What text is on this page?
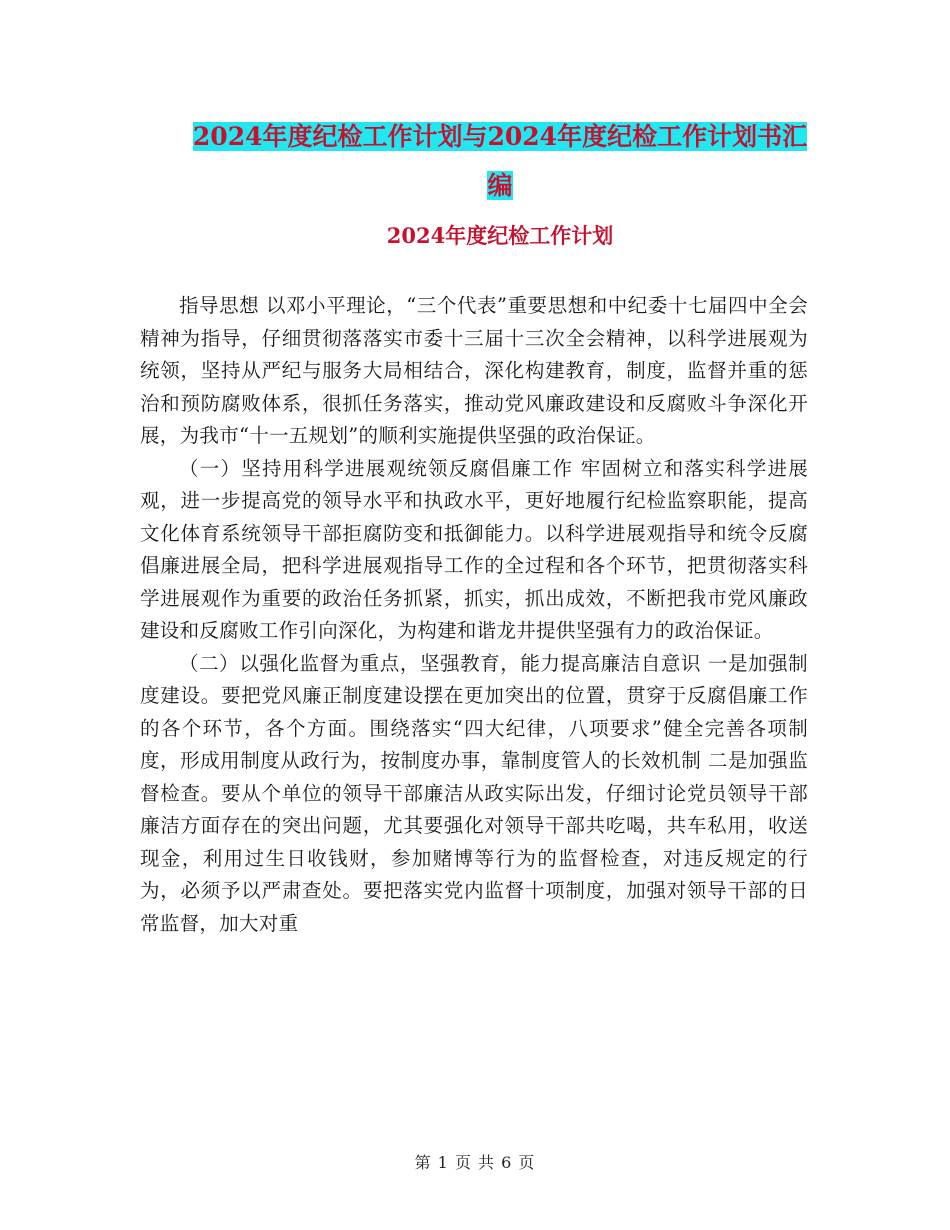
2024年度纪检工作计划与2024年度纪检工作计划书汇
编
2024年度纪检工作计划

指导思想 以邓小平理论，“三个代表”重要思想和中纪委十七届四中全会精神为指导，仔细贯彻落落实市委十三届十三次全会精神，以科学进展观为统领，坚持从严纪与服务大局相结合，深化构建教育，制度，监督并重的惩治和预防腐败体系，很抓任务落实，推动党风廉政建设和反腐败斗争深化开展，为我市“十一五规划”的顺利实施提供坚强的政治保证。

（一）坚持用科学进展观统领反腐倡廉工作 牢固树立和落实科学进展观，进一步提高党的领导水平和执政水平，更好地履行纪检监察职能，提高文化体育系统领导干部拒腐防变和抵御能力。以科学进展观指导和统令反腐倡廉进展全局，把科学进展观指导工作的全过程和各个环节，把贯彻落实科学进展观作为重要的政治任务抓紧，抓实，抓出成效，不断把我市党风廉政建设和反腐败工作引向深化，为构建和谐龙井提供坚强有力的政治保证。

（二）以强化监督为重点，坚强教育，能力提高廉洁自意识 一是加强制度建设。要把党风廉正制度建设摆在更加突出的位置，贯穿于反腐倡廉工作的各个环节，各个方面。围绕落实“四大纪律，八项要求”健全完善各项制度，形成用制度从政行为，按制度办事，靠制度管人的长效机制 二是加强监督检查。要从个单位的领导干部廉洁从政实际出发，仔细讨论党员领导干部廉洁方面存在的突出问题，尤其要强化对领导干部共吃喝，共车私用，收送现金，利用过生日收钱财，参加赌博等行为的监督检查，对违反规定的行为，必须予以严肃查处。要把落实党内监督十项制度，加强对领导干部的日常监督，加大对重

第 1 页 共 6 页
